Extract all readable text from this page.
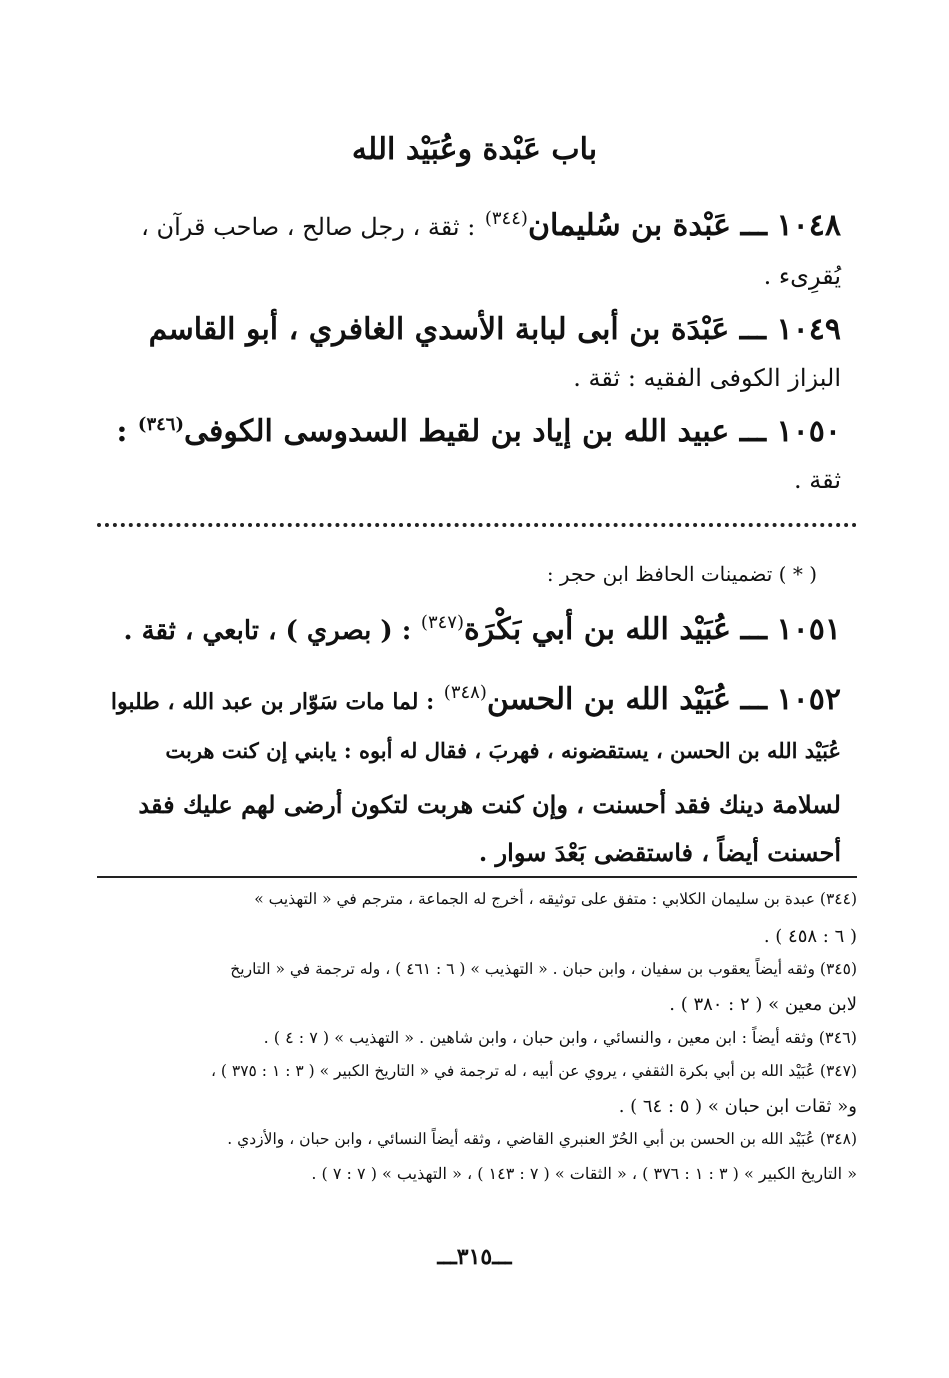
باب عَبْدة وعُبَيْد الله
١٠٤٨ ـــ عَبْدة بن سُليمان$^{(٣٤٤)}$ : ثقة ، رجل صالح ، صاحب قرآن ،
يُقرِىء .
١٠٤٩ ـــ عَبْدَة بن أبى لبابة الأسدي الغافري ، أبو القاسم
البزاز الكوفى الفقيه : ثقة .
١٠٥٠ ـــ عبيد الله بن إياد بن لقيط السدوسى الكوفى$^{(٣٤٦)}$ :
ثقة .
( * ) تضمينات الحافظ ابن حجر :
١٠٥١ ـــ عُبَيْد الله بن أبي بَكْرَة$^{(٣٤٧)}$ : ( بصري ) ، تابعي ، ثقة .
١٠٥٢ ـــ عُبَيْد الله بن الحسن$^{(٣٤٨)}$ : لما مات سَوّار بن عبد الله ، طلبوا
عُبَيْد الله بن الحسن ، يستقضونه ، فهربَ ، فقال له أبوه : يابني إن كنت هربت
لسلامة دينك فقد أحسنت ، وإن كنت هربت لتكون أرضى لهم عليك فقد
أحسنت أيضاً ، فاستقضى بَعْدَ سوار .
(٣٤٤) عبدة بن سليمان الكلابي : متفق على توثيقه ، أخرج له الجماعة ، مترجم في « التهذيب »
( ٦ : ٤٥٨ ) .
(٣٤٥) وثقه أيضاً يعقوب بن سفيان ، وابن حبان . « التهذيب » ( ٦ : ٤٦١ ) ، وله ترجمة في « التاريخ
لابن معين » ( ٢ : ٣٨٠ ) .
(٣٤٦) وثقه أيضاً : ابن معين ، والنسائي ، وابن حبان ، وابن شاهين . « التهذيب » ( ٧ : ٤ ) .
(٣٤٧) عُبَيْد الله بن أبي بكرة الثقفي ، يروي عن أبيه ، له ترجمة في « التاريخ الكبير » ( ٣ : ١ : ٣٧٥ ) ،
و« ثقات ابن حبان » ( ٥ : ٦٤ ) .
(٣٤٨) عُبَيْد الله بن الحسن بن أبي الحُرّ العنبري القاضي ، وثقه أيضاً النسائي ، وابن حبان ، والأزدي .
« التاريخ الكبير » ( ٣ : ١ : ٣٧٦ ) ، « الثقات » ( ٧ : ١٤٣ ) ، « التهذيب » ( ٧ : ٧ ) .
ـــ٣١٥ـــ
